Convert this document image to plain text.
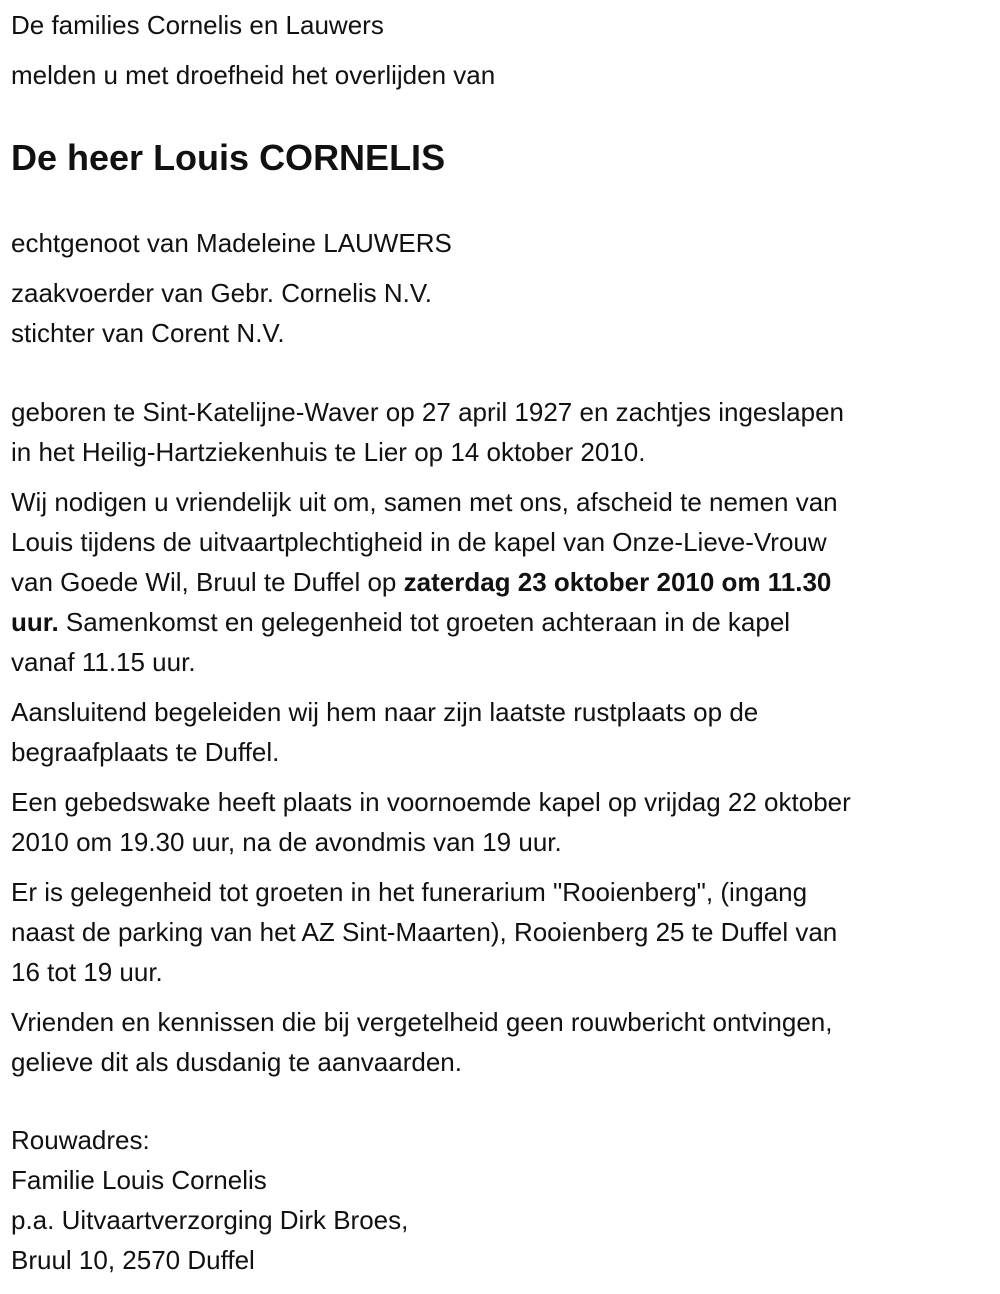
De families Cornelis en Lauwers
melden u met droefheid het overlijden van
De heer Louis CORNELIS
echtgenoot van Madeleine LAUWERS
zaakvoerder van Gebr. Cornelis N.V.
stichter van Corent N.V.
geboren te Sint-Katelijne-Waver op 27 april 1927 en zachtjes ingeslapen
in het Heilig-Hartziekenhuis te Lier op 14 oktober 2010.
Wij nodigen u vriendelijk uit om, samen met ons, afscheid te nemen van
Louis tijdens de uitvaartplechtigheid in de kapel van Onze-Lieve-Vrouw
van Goede Wil, Bruul te Duffel op zaterdag 23 oktober 2010 om 11.30
uur. Samenkomst en gelegenheid tot groeten achteraan in de kapel
vanaf 11.15 uur.
Aansluitend begeleiden wij hem naar zijn laatste rustplaats op de
begraafplaats te Duffel.
Een gebedswake heeft plaats in voornoemde kapel op vrijdag 22 oktober
2010 om 19.30 uur, na de avondmis van 19 uur.
Er is gelegenheid tot groeten in het funerarium "Rooienberg", (ingang
naast de parking van het AZ Sint-Maarten), Rooienberg 25 te Duffel van
16 tot 19 uur.
Vrienden en kennissen die bij vergetelheid geen rouwbericht ontvingen,
gelieve dit als dusdanig te aanvaarden.
Rouwadres:
Familie Louis Cornelis
p.a. Uitvaartverzorging Dirk Broes,
Bruul 10, 2570 Duffel
